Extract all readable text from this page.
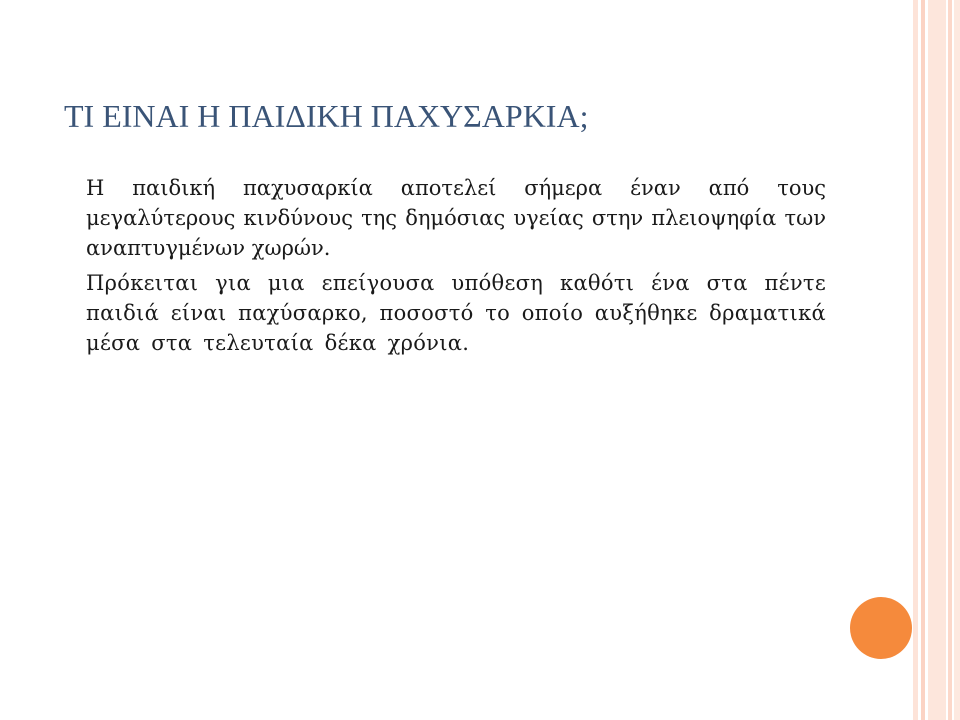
ΤΙ ΕΙΝΑΙ Η ΠΑΙΔΙΚΗ ΠΑΧΥΣΑΡΚΙΑ;

Η παιδική παχυσαρκία αποτελεί σήμερα έναν από τους μεγαλύτερους κινδύνους της δημόσιας υγείας στην πλειοψηφία των αναπτυγμένων χωρών.

Πρόκειται για μια επείγουσα υπόθεση καθότι ένα στα πέντε παιδιά είναι παχύσαρκο, ποσοστό το οποίο αυξήθηκε δραματικά μέσα στα τελευταία δέκα χρόνια.
